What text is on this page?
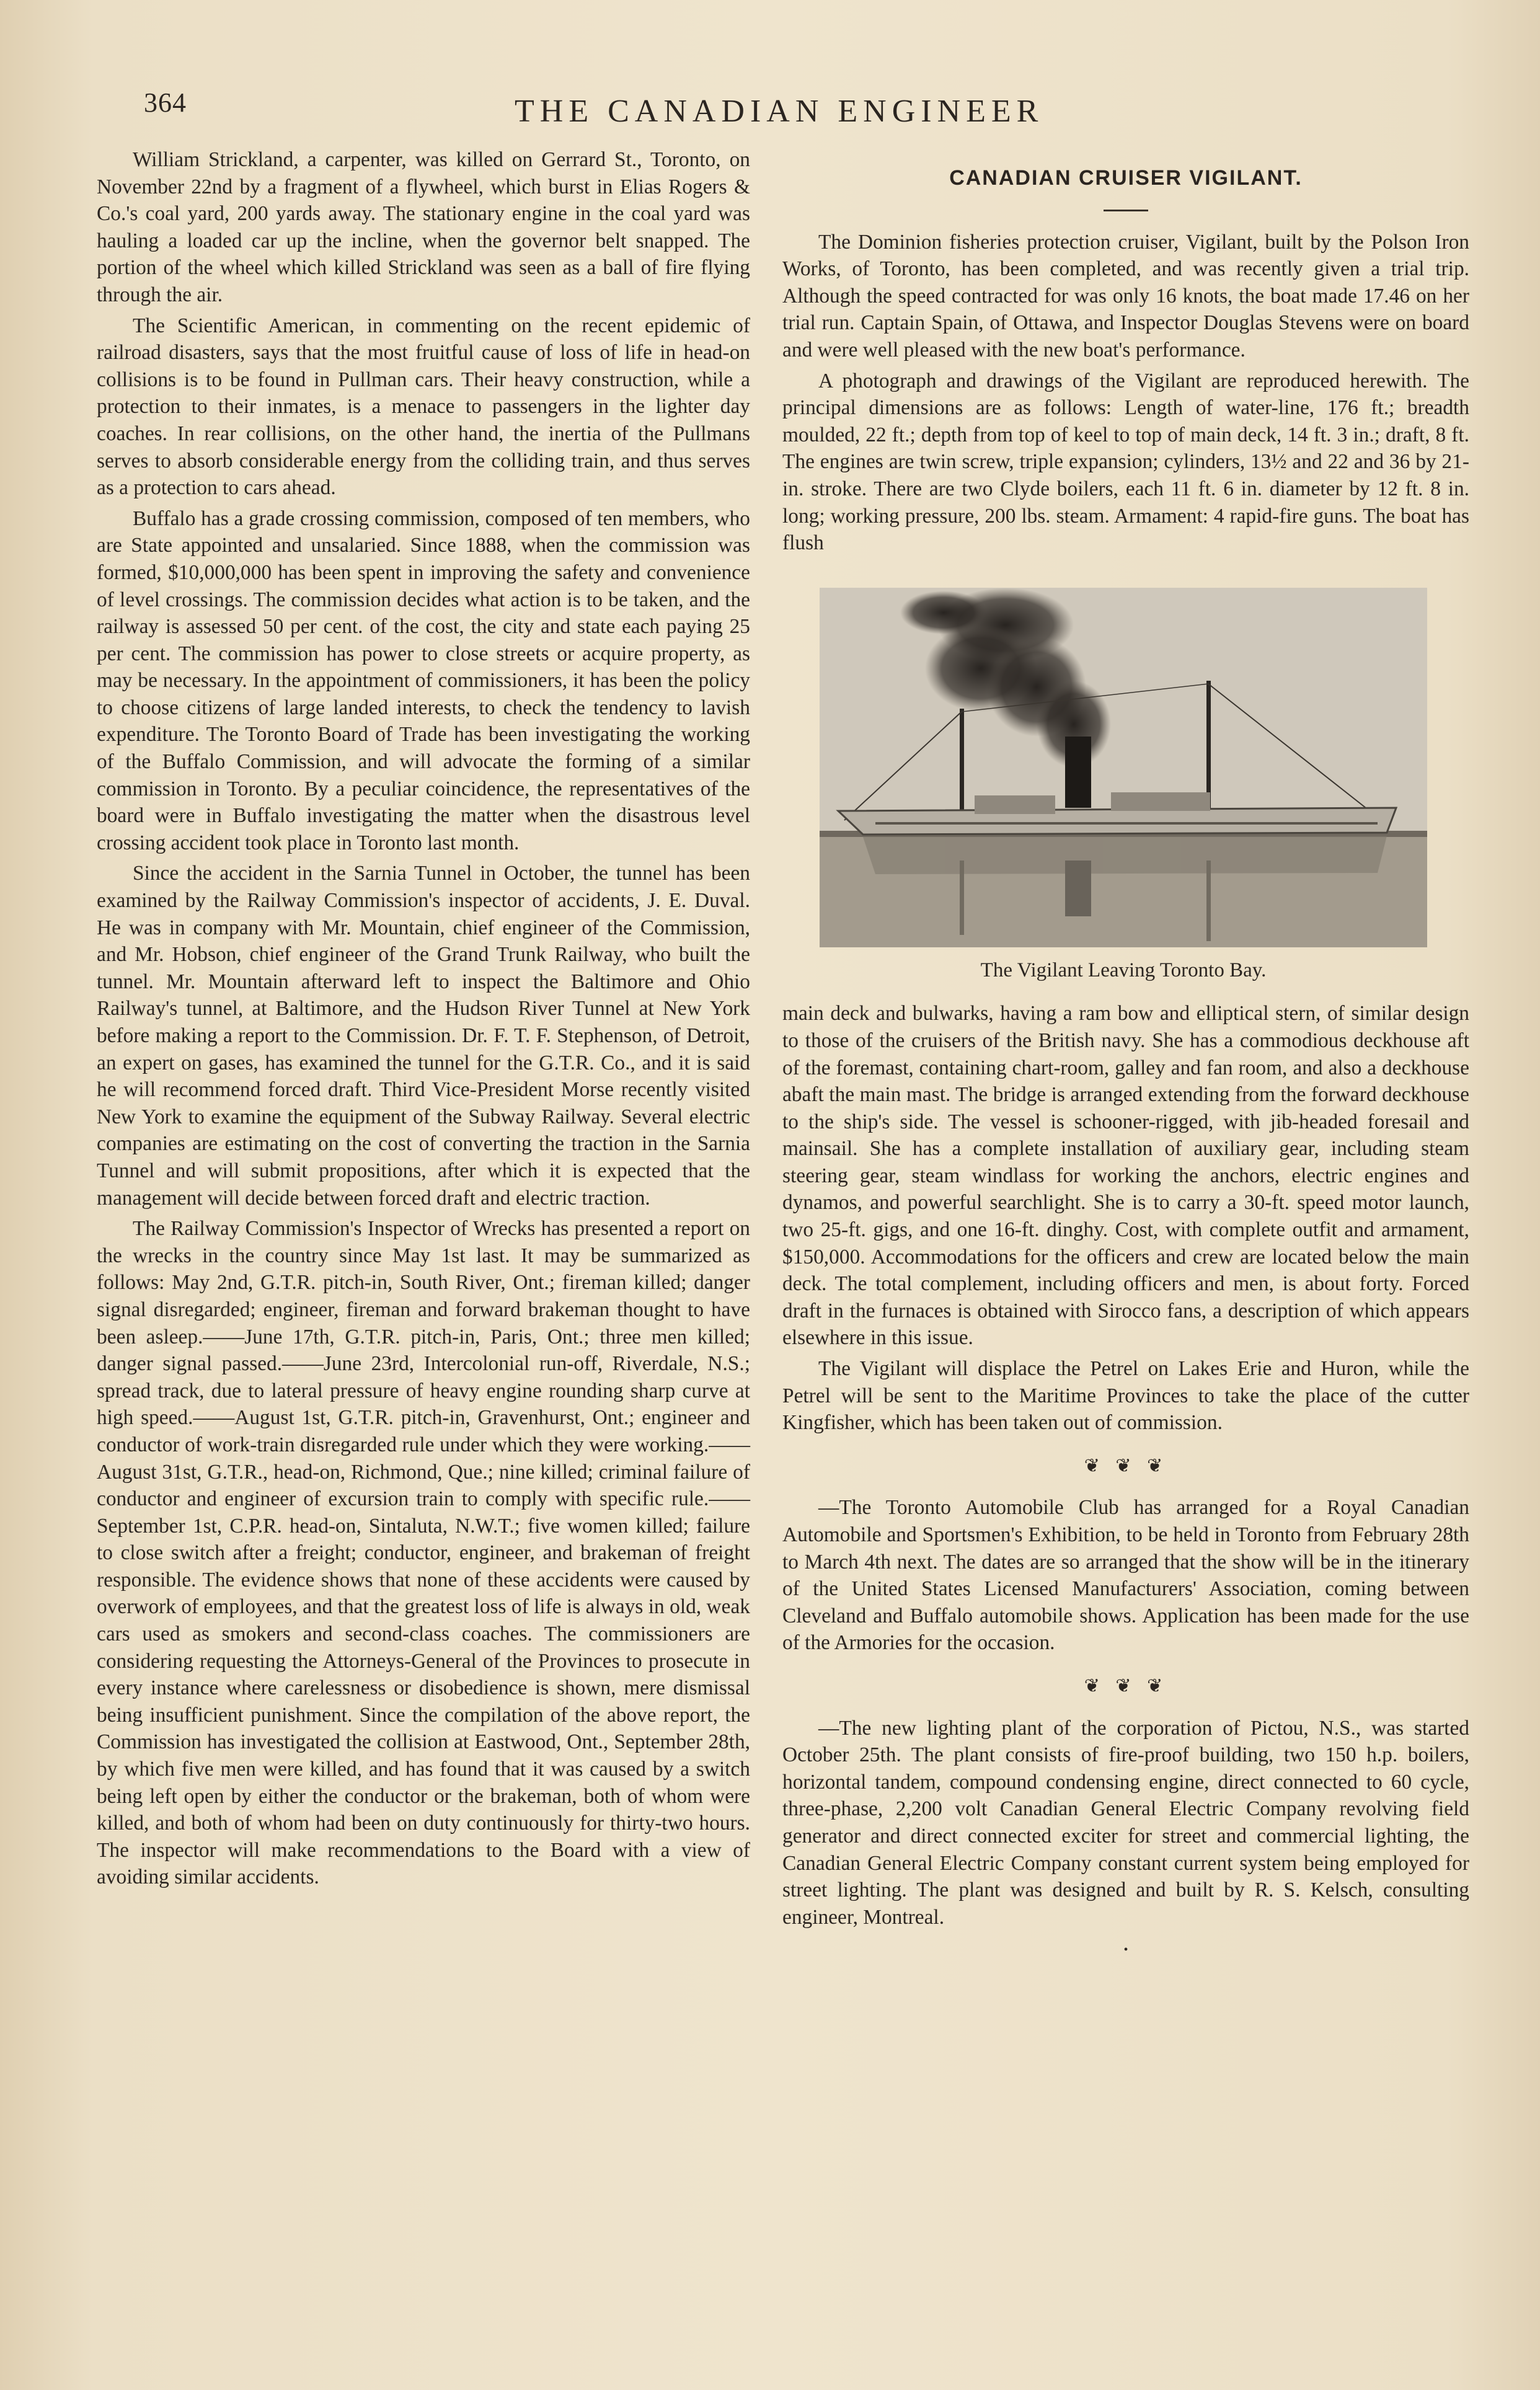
364	THE CANADIAN ENGINEER

William Strickland, a carpenter, was killed on Gerrard St., Toronto, on November 22nd by a fragment of a flywheel, which burst in Elias Rogers & Co.'s coal yard, 200 yards away. The stationary engine in the coal yard was hauling a loaded car up the incline, when the governor belt snapped. The portion of the wheel which killed Strickland was seen as a ball of fire flying through the air.

The Scientific American, in commenting on the recent epidemic of railroad disasters, says that the most fruitful cause of loss of life in head-on collisions is to be found in Pullman cars. Their heavy construction, while a protection to their inmates, is a menace to passengers in the lighter day coaches. In rear collisions, on the other hand, the inertia of the Pullmans serves to absorb considerable energy from the colliding train, and thus serves as a protection to cars ahead.

Buffalo has a grade crossing commission, composed of ten members, who are State appointed and unsalaried. Since 1888, when the commission was formed, $10,000,000 has been spent in improving the safety and convenience of level crossings. The commission decides what action is to be taken, and the railway is assessed 50 per cent. of the cost, the city and state each paying 25 per cent. The commission has power to close streets or acquire property, as may be necessary. In the appointment of commissioners, it has been the policy to choose citizens of large landed interests, to check the tendency to lavish expenditure. The Toronto Board of Trade has been investigating the working of the Buffalo Commission, and will advocate the forming of a similar commission in Toronto. By a peculiar coincidence, the representatives of the board were in Buffalo investigating the matter when the disastrous level crossing accident took place in Toronto last month.

Since the accident in the Sarnia Tunnel in October, the tunnel has been examined by the Railway Commission's inspector of accidents, J. E. Duval. He was in company with Mr. Mountain, chief engineer of the Commission, and Mr. Hobson, chief engineer of the Grand Trunk Railway, who built the tunnel. Mr. Mountain afterward left to inspect the Baltimore and Ohio Railway's tunnel, at Baltimore, and the Hudson River Tunnel at New York before making a report to the Commission. Dr. F. T. F. Stephenson, of Detroit, an expert on gases, has examined the tunnel for the G.T.R. Co., and it is said he will recommend forced draft. Third Vice-President Morse recently visited New York to examine the equipment of the Subway Railway. Several electric companies are estimating on the cost of converting the traction in the Sarnia Tunnel and will submit propositions, after which it is expected that the management will decide between forced draft and electric traction.

The Railway Commission's Inspector of Wrecks has presented a report on the wrecks in the country since May 1st last. It may be summarized as follows: May 2nd, G.T.R. pitch-in, South River, Ont.; fireman killed; danger signal disregarded; engineer, fireman and forward brakeman thought to have been asleep.——June 17th, G.T.R. pitch-in, Paris, Ont.; three men killed; danger signal passed.——June 23rd, Intercolonial run-off, Riverdale, N.S.; spread track, due to lateral pressure of heavy engine rounding sharp curve at high speed.——August 1st, G.T.R. pitch-in, Gravenhurst, Ont.; engineer and conductor of work-train disregarded rule under which they were working.——August 31st, G.T.R., head-on, Richmond, Que.; nine killed; criminal failure of conductor and engineer of excursion train to comply with specific rule.——September 1st, C.P.R. head-on, Sintaluta, N.W.T.; five women killed; failure to close switch after a freight; conductor, engineer, and brakeman of freight responsible. The evidence shows that none of these accidents were caused by overwork of employees, and that the greatest loss of life is always in old, weak cars used as smokers and second-class coaches. The commissioners are considering requesting the Attorneys-General of the Provinces to prosecute in every instance where carelessness or disobedience is shown, mere dismissal being insufficient punishment. Since the compilation of the above report, the Commission has investigated the collision at Eastwood, Ont., September 28th, by which five men were killed, and has found that it was caused by a switch being left open by either the conductor or the brakeman, both of whom were killed, and both of whom had been on duty continuously for thirty-two hours. The inspector will make recommendations to the Board with a view of avoiding similar accidents.

CANADIAN CRUISER VIGILANT.

The Dominion fisheries protection cruiser, Vigilant, built by the Polson Iron Works, of Toronto, has been completed, and was recently given a trial trip. Although the speed contracted for was only 16 knots, the boat made 17.46 on her trial run. Captain Spain, of Ottawa, and Inspector Douglas Stevens were on board and were well pleased with the new boat's performance.

A photograph and drawings of the Vigilant are reproduced herewith. The principal dimensions are as follows: Length of water-line, 176 ft.; breadth moulded, 22 ft.; depth from top of keel to top of main deck, 14 ft. 3 in.; draft, 8 ft. The engines are twin screw, triple expansion; cylinders, 13½ and 22 and 36 by 21-in. stroke. There are two Clyde boilers, each 11 ft. 6 in. diameter by 12 ft. 8 in. long; working pressure, 200 lbs. steam. Armament: 4 rapid-fire guns. The boat has flush

The Vigilant Leaving Toronto Bay.

main deck and bulwarks, having a ram bow and elliptical stern, of similar design to those of the cruisers of the British navy. She has a commodious deckhouse aft of the foremast, containing chart-room, galley and fan room, and also a deckhouse abaft the main mast. The bridge is arranged extending from the forward deckhouse to the ship's side. The vessel is schooner-rigged, with jib-headed foresail and mainsail. She has a complete installation of auxiliary gear, including steam steering gear, steam windlass for working the anchors, electric engines and dynamos, and powerful searchlight. She is to carry a 30-ft. speed motor launch, two 25-ft. gigs, and one 16-ft. dinghy. Cost, with complete outfit and armament, $150,000. Accommodations for the officers and crew are located below the main deck. The total complement, including officers and men, is about forty. Forced draft in the furnaces is obtained with Sirocco fans, a description of which appears elsewhere in this issue.

The Vigilant will displace the Petrel on Lakes Erie and Huron, while the Petrel will be sent to the Maritime Provinces to take the place of the cutter Kingfisher, which has been taken out of commission.

❦ ❦ ❦

—The Toronto Automobile Club has arranged for a Royal Canadian Automobile and Sportsmen's Exhibition, to be held in Toronto from February 28th to March 4th next. The dates are so arranged that the show will be in the itinerary of the United States Licensed Manufacturers' Association, coming between Cleveland and Buffalo automobile shows. Application has been made for the use of the Armories for the occasion.

❦ ❦ ❦

—The new lighting plant of the corporation of Pictou, N.S., was started October 25th. The plant consists of fire-proof building, two 150 h.p. boilers, horizontal tandem, compound condensing engine, direct connected to 60 cycle, three-phase, 2,200 volt Canadian General Electric Company revolving field generator and direct connected exciter for street and commercial lighting, the Canadian General Electric Company constant current system being employed for street lighting. The plant was designed and built by R. S. Kelsch, consulting engineer, Montreal.

•
